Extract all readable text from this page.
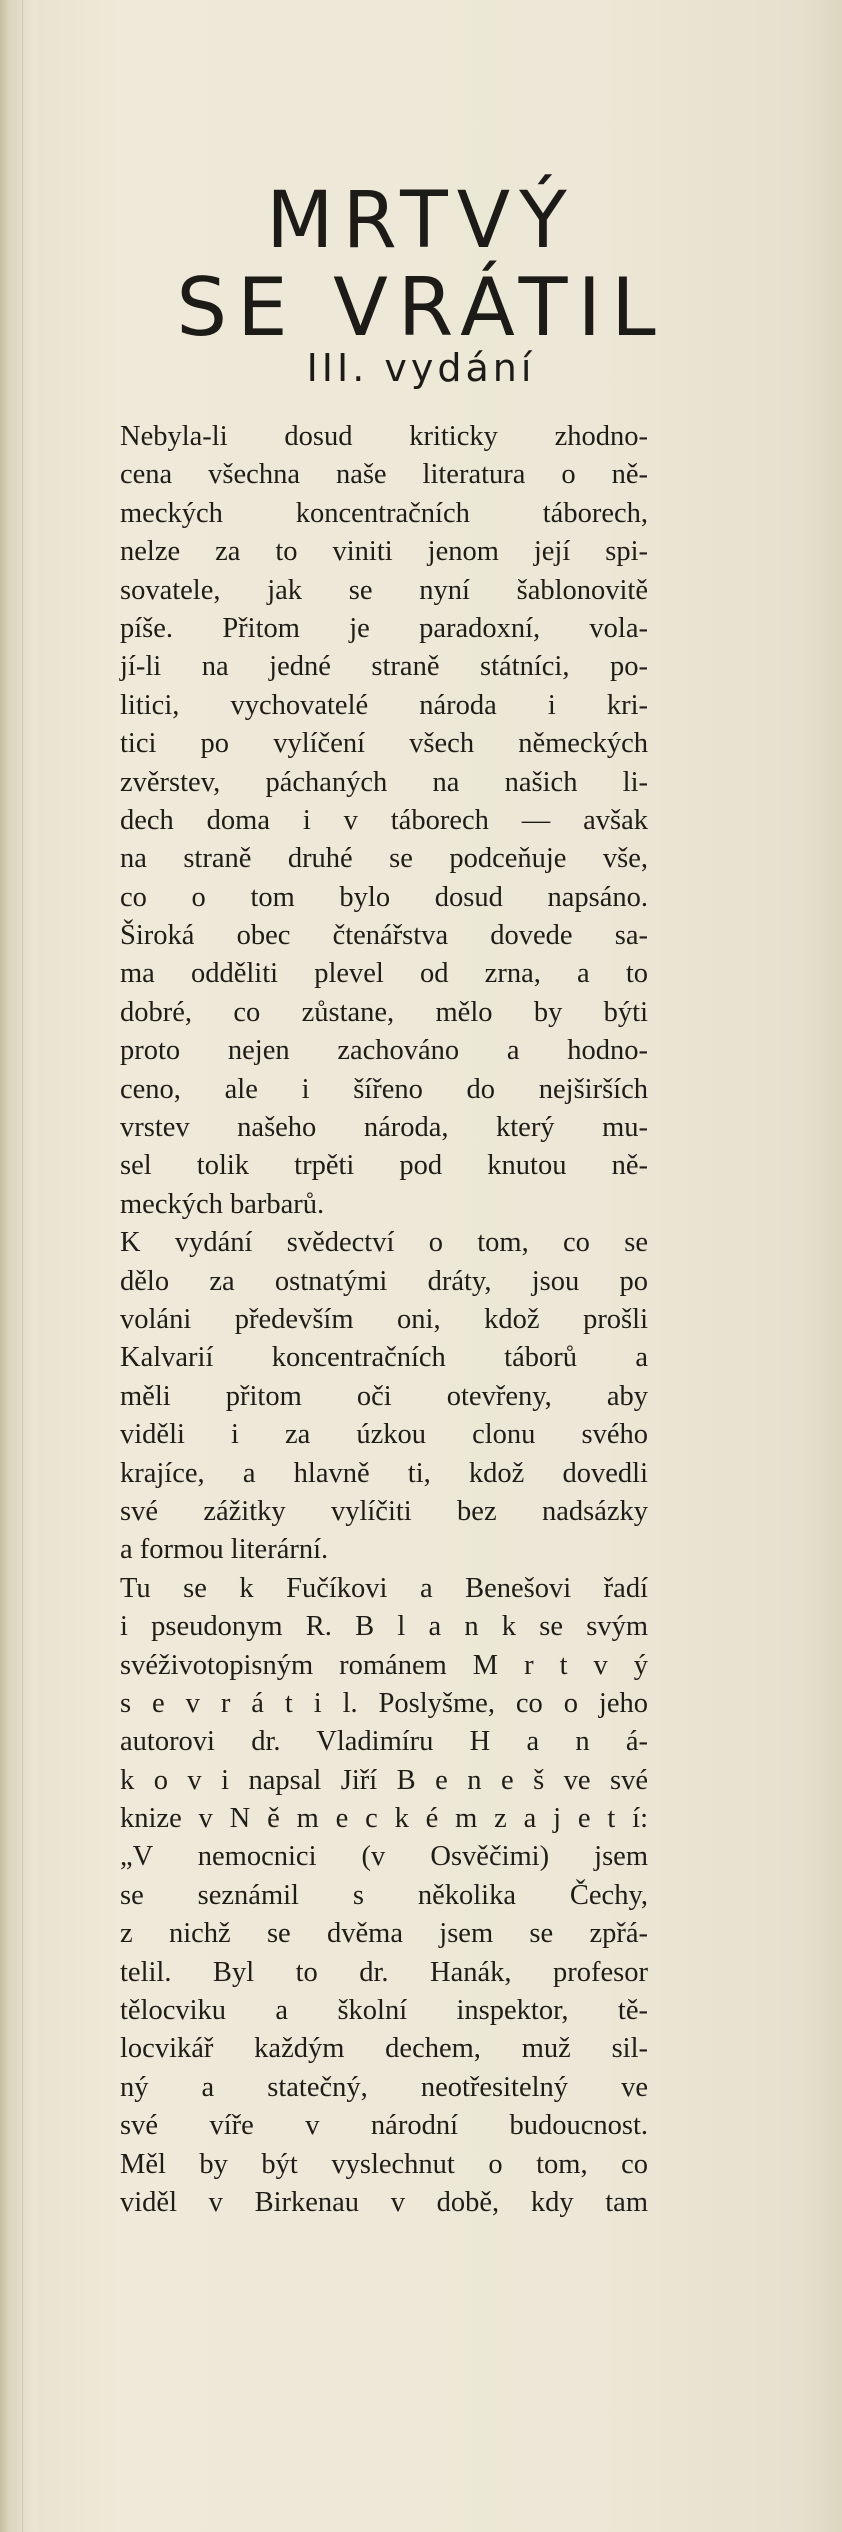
MRTVÝ
SE VRÁTIL
III. vydání
Nebyla-li dosud kriticky zhodno-
cena všechna naše literatura o ně-
meckých koncentračních táborech,
nelze za to viniti jenom její spi-
sovatele, jak se nyní šablonovitě
píše. Přitom je paradoxní, vola-
jí-li na jedné straně státníci, po-
litici, vychovatelé národa i kri-
tici po vylíčení všech německých
zvěrstev, páchaných na našich li-
dech doma i v táborech — avšak
na straně druhé se podceňuje vše,
co o tom bylo dosud napsáno.
Široká obec čtenářstva dovede sa-
ma odděliti plevel od zrna, a to
dobré, co zůstane, mělo by býti
proto nejen zachováno a hodno-
ceno, ale i šířeno do nejširších
vrstev našeho národa, který mu-
sel tolik trpěti pod knutou ně-
meckých barbarů.
K vydání svědectví o tom, co se
dělo za ostnatými dráty, jsou po
voláni především oni, kdož prošli
Kalvarií koncentračních táborů a
měli přitom oči otevřeny, aby
viděli i za úzkou clonu svého
krajíce, a hlavně ti, kdož dovedli
své zážitky vylíčiti bez nadsázky
a formou literární.
Tu se k Fučíkovi a Benešovi řadí
i pseudonym R. B l a n k se svým
svéživotopisným románem M r t v ý
s e v r á t i l. Poslyšme, co o jeho
autorovi dr. Vladimíru H a n á-
k o v i napsal Jiří B e n e š ve své
knize v N ě m e c k é m z a j e t í:
„V nemocnici (v Osvěčimi) jsem
se seznámil s několika Čechy,
z nichž se dvěma jsem se zpřá-
telil. Byl to dr. Hanák, profesor
tělocviku a školní inspektor, tě-
locvikář každým dechem, muž sil-
ný a statečný, neotřesitelný ve
své víře v národní budoucnost.
Měl by být vyslechnut o tom, co
viděl v Birkenau v době, kdy tam
